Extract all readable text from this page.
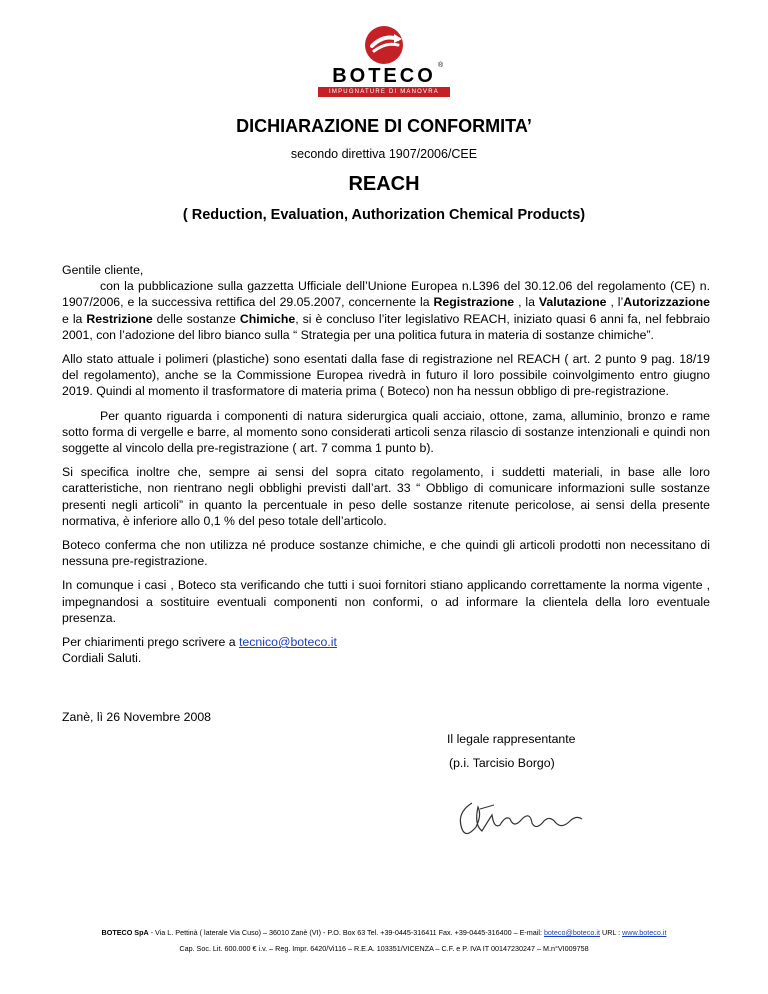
BOTECO ®
IMPUGNATURE DI MANOVRA
DICHIARAZIONE DI CONFORMITA’
secondo direttiva 1907/2006/CEE
REACH
( Reduction, Evaluation, Authorization Chemical Products)

Gentile cliente,

con la pubblicazione sulla gazzetta Ufficiale dell’Unione Europea n.L396 del 30.12.06 del regolamento (CE) n. 1907/2006, e la successiva rettifica del 29.05.2007, concernente la Registrazione , la Valutazione , l’Autorizzazione e la Restrizione delle sostanze Chimiche, si è concluso l’iter legislativo REACH, iniziato quasi 6 anni fa, nel febbraio 2001, con l’adozione del libro bianco sulla “ Strategia per una politica futura in materia di sostanze chimiche”.

Allo stato attuale i polimeri (plastiche) sono esentati dalla fase di registrazione nel REACH ( art. 2 punto 9 pag. 18/19 del regolamento), anche se la Commissione Europea rivedrà in futuro il loro possibile coinvolgimento entro giugno 2019. Quindi al momento il trasformatore di materia prima ( Boteco) non ha nessun obbligo di pre-registrazione.

Per quanto riguarda i componenti di natura siderurgica quali acciaio, ottone, zama, alluminio, bronzo e rame sotto forma di vergelle e barre, al momento sono considerati articoli senza rilascio di sostanze intenzionali e quindi non soggette al vincolo della pre-registrazione ( art. 7 comma 1 punto b).

Si specifica inoltre che, sempre ai sensi del sopra citato regolamento, i suddetti materiali, in base alle loro caratteristiche, non rientrano negli obblighi previsti dall’art. 33 “ Obbligo di comunicare informazioni sulle sostanze presenti negli articoli” in quanto la percentuale in peso delle sostanze ritenute pericolose, ai sensi della presente normativa, è inferiore allo 0,1 % del peso totale dell’articolo.

Boteco conferma che non utilizza né produce sostanze chimiche, e che quindi gli articoli prodotti non necessitano di nessuna pre-registrazione.

In comunque i casi , Boteco sta verificando che tutti i suoi fornitori stiano applicando correttamente la norma vigente , impegnandosi a sostituire eventuali componenti non conformi, o ad informare la clientela della loro eventuale presenza.

Per chiarimenti prego scrivere a tecnico@boteco.it

Cordiali Saluti.

Zanè, lì 26 Novembre 2008
Il legale rappresentante
(p.i. Tarcisio Borgo)
BOTECO SpA - Via L. Pettinà ( laterale Via Cuso) – 36010 Zanè (VI) - P.O. Box 63 Tel. +39-0445-316411 Fax. +39-0445-316400 – E-mail: boteco@boteco.it URL : www.boteco.it
Cap. Soc. Lit. 600.000 € i.v. – Reg. Impr. 6420/Vi116 – R.E.A. 103351/VICENZA – C.F. e P. IVA IT 00147230247 – M.n°VI009758
